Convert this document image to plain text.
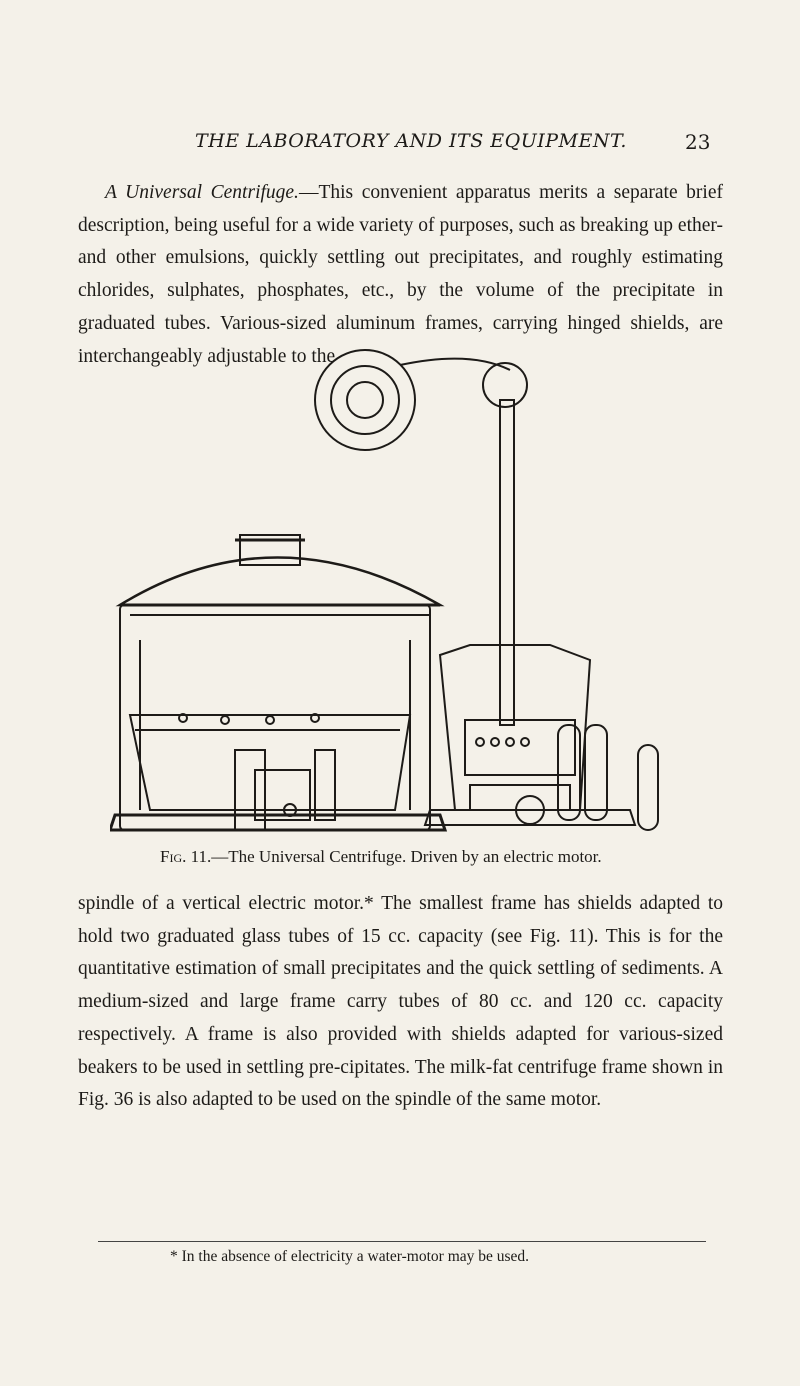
THE LABORATORY AND ITS EQUIPMENT.	23
A Universal Centrifuge.—This convenient apparatus merits a separate brief description, being useful for a wide variety of purposes, such as breaking up ether- and other emulsions, quickly settling out precipitates, and roughly estimating chlorides, sulphates, phosphates, etc., by the volume of the precipitate in graduated tubes. Various-sized aluminum frames, carrying hinged shields, are interchangeably adjustable to the
Fig. 11.—The Universal Centrifuge. Driven by an electric motor.
spindle of a vertical electric motor.* The smallest frame has shields adapted to hold two graduated glass tubes of 15 cc. capacity (see Fig. 11). This is for the quantitative estimation of small precipitates and the quick settling of sediments. A medium-sized and large frame carry tubes of 80 cc. and 120 cc. capacity respectively. A frame is also provided with shields adapted for various-sized beakers to be used in settling pre-cipitates. The milk-fat centrifuge frame shown in Fig. 36 is also adapted to be used on the spindle of the same motor.
* In the absence of electricity a water-motor may be used.
